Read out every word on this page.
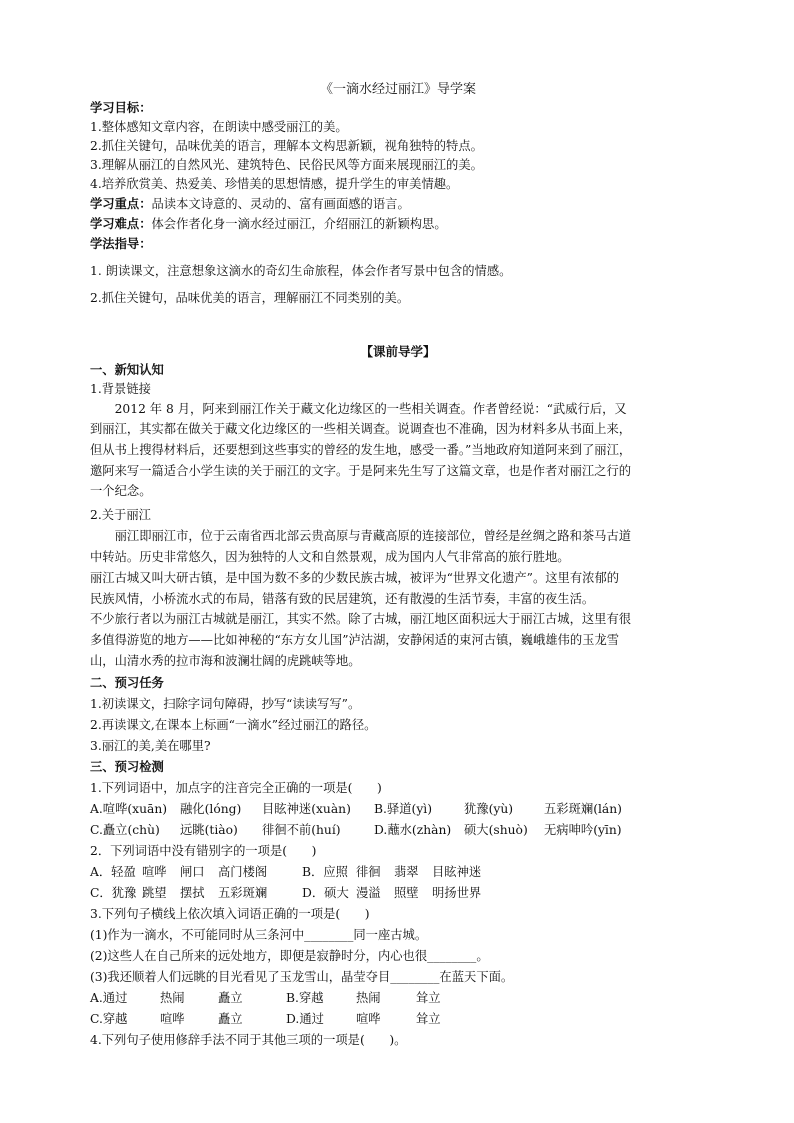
《一滴水经过丽江》导学案
学习目标：
1.整体感知文章内容，在朗读中感受丽江的美。
2.抓住关键句，品味优美的语言，理解本文构思新颖，视角独特的特点。
3.理解从丽江的自然风光、建筑特色、民俗民风等方面来展现丽江的美。
4.培养欣赏美、热爱美、珍惜美的思想情感，提升学生的审美情趣。
学习重点：品读本文诗意的、灵动的、富有画面感的语言。
学习难点：体会作者化身一滴水经过丽江，介绍丽江的新颖构思。
学法指导：
1. 朗读课文，注意想象这滴水的奇幻生命旅程，体会作者写景中包含的情感。
2.抓住关键句，品味优美的语言，理解丽江不同类别的美。
【课前导学】
一、新知认知
1.背景链接
2012 年 8 月，阿来到丽江作关于藏文化边缘区的一些相关调查。作者曾经说：“武威行后，又
到丽江，其实都在做关于藏文化边缘区的一些相关调查。说调查也不准确，因为材料多从书面上来，
但从书上搜得材料后，还要想到这些事实的曾经的发生地，感受一番。”当地政府知道阿来到了丽江，
邀阿来写一篇适合小学生读的关于丽江的文字。于是阿来先生写了这篇文章，也是作者对丽江之行的
一个纪念。
2.关于丽江
丽江即丽江市，位于云南省西北部云贵高原与青藏高原的连接部位，曾经是丝绸之路和茶马古道
中转站。历史非常悠久，因为独特的人文和自然景观，成为国内人气非常高的旅行胜地。
丽江古城又叫大研古镇，是中国为数不多的少数民族古城，被评为“世界文化遗产”。这里有浓郁的
民族风情，小桥流水式的布局，错落有致的民居建筑，还有散漫的生活节奏，丰富的夜生活。
不少旅行者以为丽江古城就是丽江，其实不然。除了古城，丽江地区面积远大于丽江古城，这里有很
多值得游览的地方——比如神秘的“东方女儿国”泸沽湖，安静闲适的束河古镇，巍峨雄伟的玉龙雪
山，山清水秀的拉市海和波澜壮阔的虎跳峡等地。
二、预习任务
1.初读课文，扫除字词句障碍，抄写“读读写写”。
2.再读课文,在课本上标画“一滴水”经过丽江的路径。
3.丽江的美,美在哪里?
三、预习检测
1.下列词语中，加点字的注音完全正确的一项是(　　)
A.喧哗(xuān) 融化(lóng) 目眩神迷(xuàn) B.驿道(yì)	犹豫(yù)	五彩斑斓(lán)
C.矗立(chù) 远眺(tiào) 徘徊不前(huí)	D.蘸水(zhàn) 硕大(shuò) 无病呻吟(yīn)
2．下列词语中没有错别字的一项是(　　)
A．轻盈 喧哗 闸口 高门楼阁	B．应照 徘徊 翡翠 目眩神迷
C．犹豫 跳望 摆拭 五彩斑斓	D．硕大 漫溢 照壁 明扬世界
3.下列句子横线上依次填入词语正确的一项是(　　)
(1)作为一滴水，不可能同时从三条河中________同一座古城。
(2)这些人在自己所来的远处地方，即便是寂静时分，内心也很________。
(3)我还顺着人们远眺的目光看见了玉龙雪山，晶莹夺目________在蓝天下面。
A.通过	热闹	矗立	B.穿越	热闹	耸立
C.穿越	喧哗	矗立	D.通过	喧哗	耸立
4.下列句子使用修辞手法不同于其他三项的一项是(　　)。
